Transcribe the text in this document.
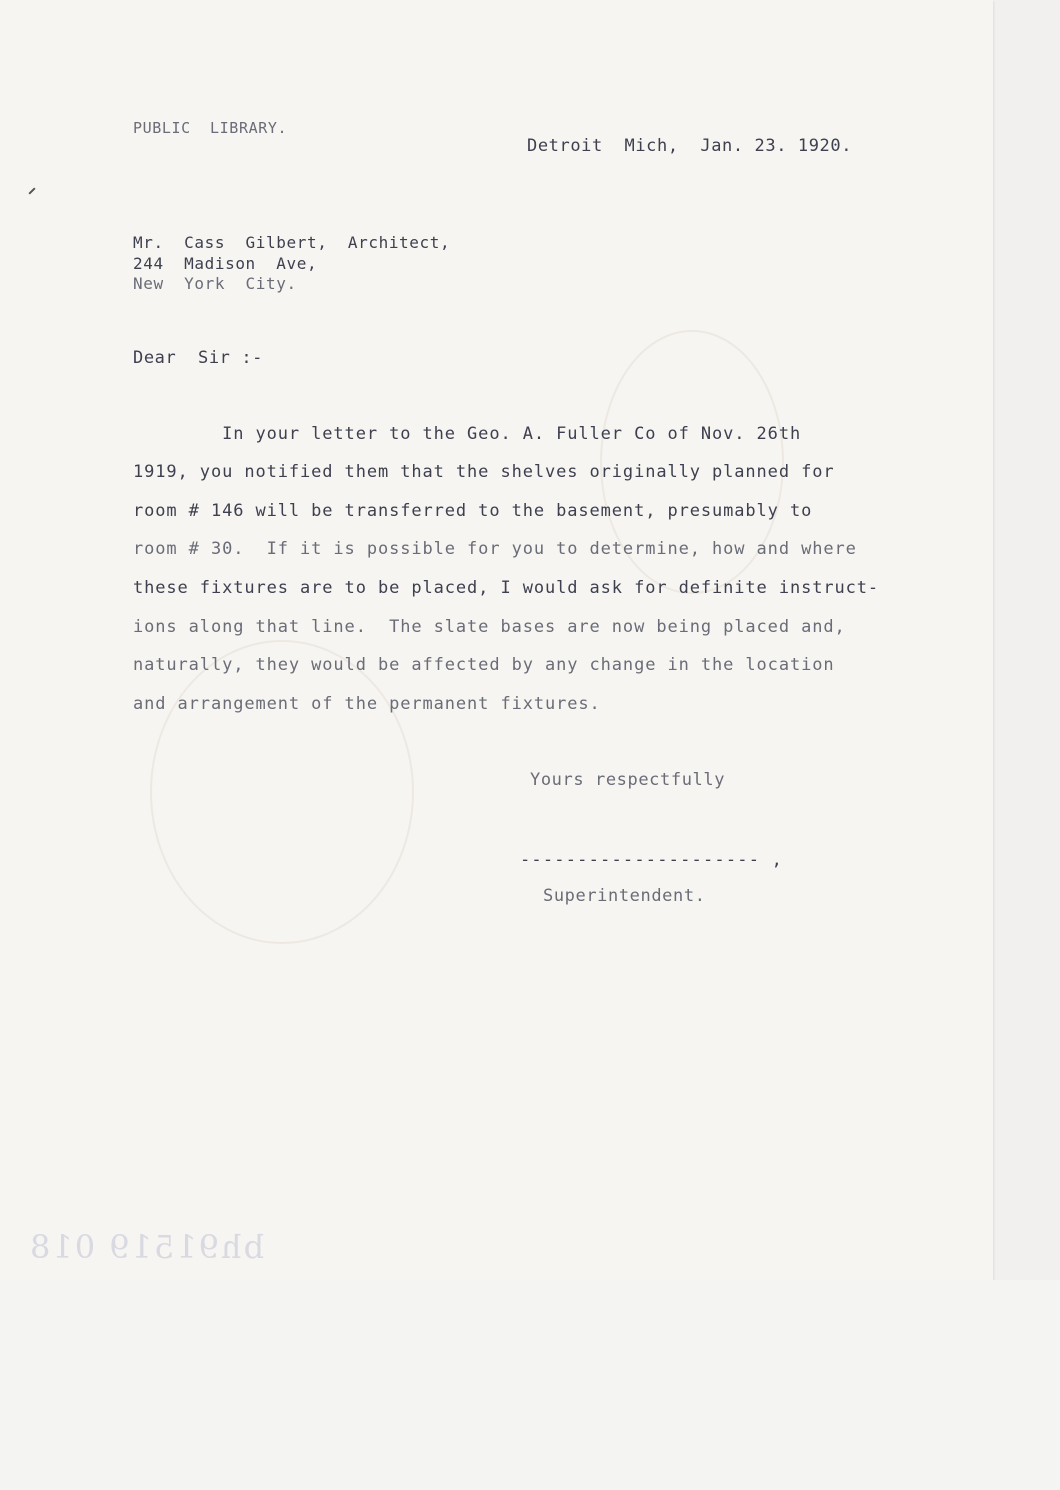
PUBLIC  LIBRARY.
Detroit  Mich,  Jan. 23. 1920.
Mr.  Cass  Gilbert,  Architect,
244  Madison  Ave,
New  York  City.
Dear  Sir :-
In your letter to the Geo. A. Fuller Co of Nov. 26th
1919, you notified them that the shelves originally planned for
room # 146 will be transferred to the basement, presumably to
room # 30.  If it is possible for you to determine, how and where
these fixtures are to be placed, I would ask for definite instruct-
ions along that line.  The slate bases are now being placed and,
naturally, they would be affected by any change in the location
and arrangement of the permanent fixtures.
Yours respectfully
--------------------- ,
Superintendent.
bh91519 018
